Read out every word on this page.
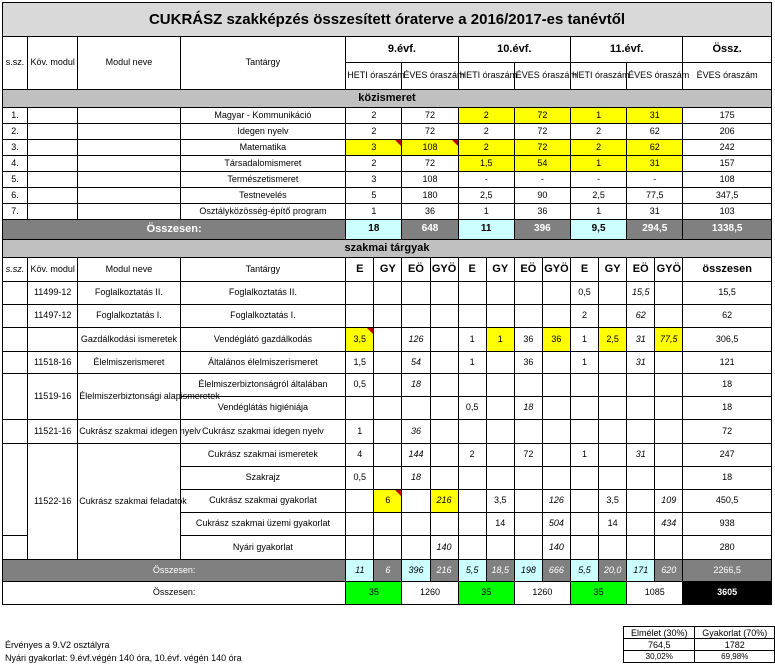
CUKRÁSZ szakképzés összesített óraterve a 2016/2017-es tanévtől																
s.sz.	Köv. modul	Modul neve	Tantárgy	9.évf.				10.évf.				11.évf.				Össz.
				HETI óraszám		ÉVES óraszám		HETI óraszám		ÉVES óraszám		HETI óraszám		ÉVES óraszám		ÉVES óraszám
közismeret																
1.			Magyar - Kommunikáció	2		72		2		72		1		31		175
2.			Idegen nyelv	2		72		2		72		2		62		206
3.			Matematika	3		108		2		72		2		62		242
4.			Társadalomismeret	2		72		1,5		54		1		31		157
5.			Természetismeret	3		108		-		-		-		-		108
6.			Testnevelés	5		180		2,5		90		2,5		77,5		347,5
7.			Osztályközösség-építő program	1		36		1		36		1		31		103
Összesen:				18		648		11		396		9,5		294,5		1338,5
szakmai tárgyak																
s.sz.	Köv. modul	Modul neve	Tantárgy	E	GY	EÖ	GYÖ	E	GY	EÖ	GYÖ	E	GY	EÖ	GYÖ	összesen
	11499-12	Foglalkoztatás II.	Foglalkoztatás II.									0,5		15,5		15,5
	11497-12	Foglalkoztatás I.	Foglalkoztatás I.									2		62		62
		Gazdálkodási ismeretek	Vendéglátó gazdálkodás	3,5		126		1	1	36	36	1	2,5	31	77,5	306,5
	11518-16	Élelmiszerismeret	Általános élelmiszerismeret	1,5		54		1		36		1		31		121
	11519-16	Élelmiszerbiztonsági alapismeretek	Élelmiszerbiztonságról általában	0,5		18										18
			Vendéglátás higiéniája					0,5		18						18
	11521-16	Cukrász szakmai idegen nyelv	Cukrász szakmai idegen nyelv	1		36										72
	11522-16	Cukrász szakmai feladatok	Cukrász szakmai ismeretek	4		144		2		72		1		31		247
			Szakrajz	0,5		18										18
			Cukrász szakmai gyakorlat		6		216		3,5		126		3,5		109	450,5
			Cukrász szakmai üzemi gyakorlat						14		504		14		434	938
			Nyári gyakorlat				140				140					280
Összesen:				11	6	396	216	5,5	18,5	198	666	5,5	20,0	171	620	2266,5
Összesen:				35		1260		35		1260		35		1085		3605
Érvényes a 9.V2 osztályra
Nyári gyakorlat: 9.évf.végén 140 óra, 10.évf. végén 140 óra
Elmélet (30%)	Gyakorlat (70%)
764,5	1782
30,02%	69,98%
